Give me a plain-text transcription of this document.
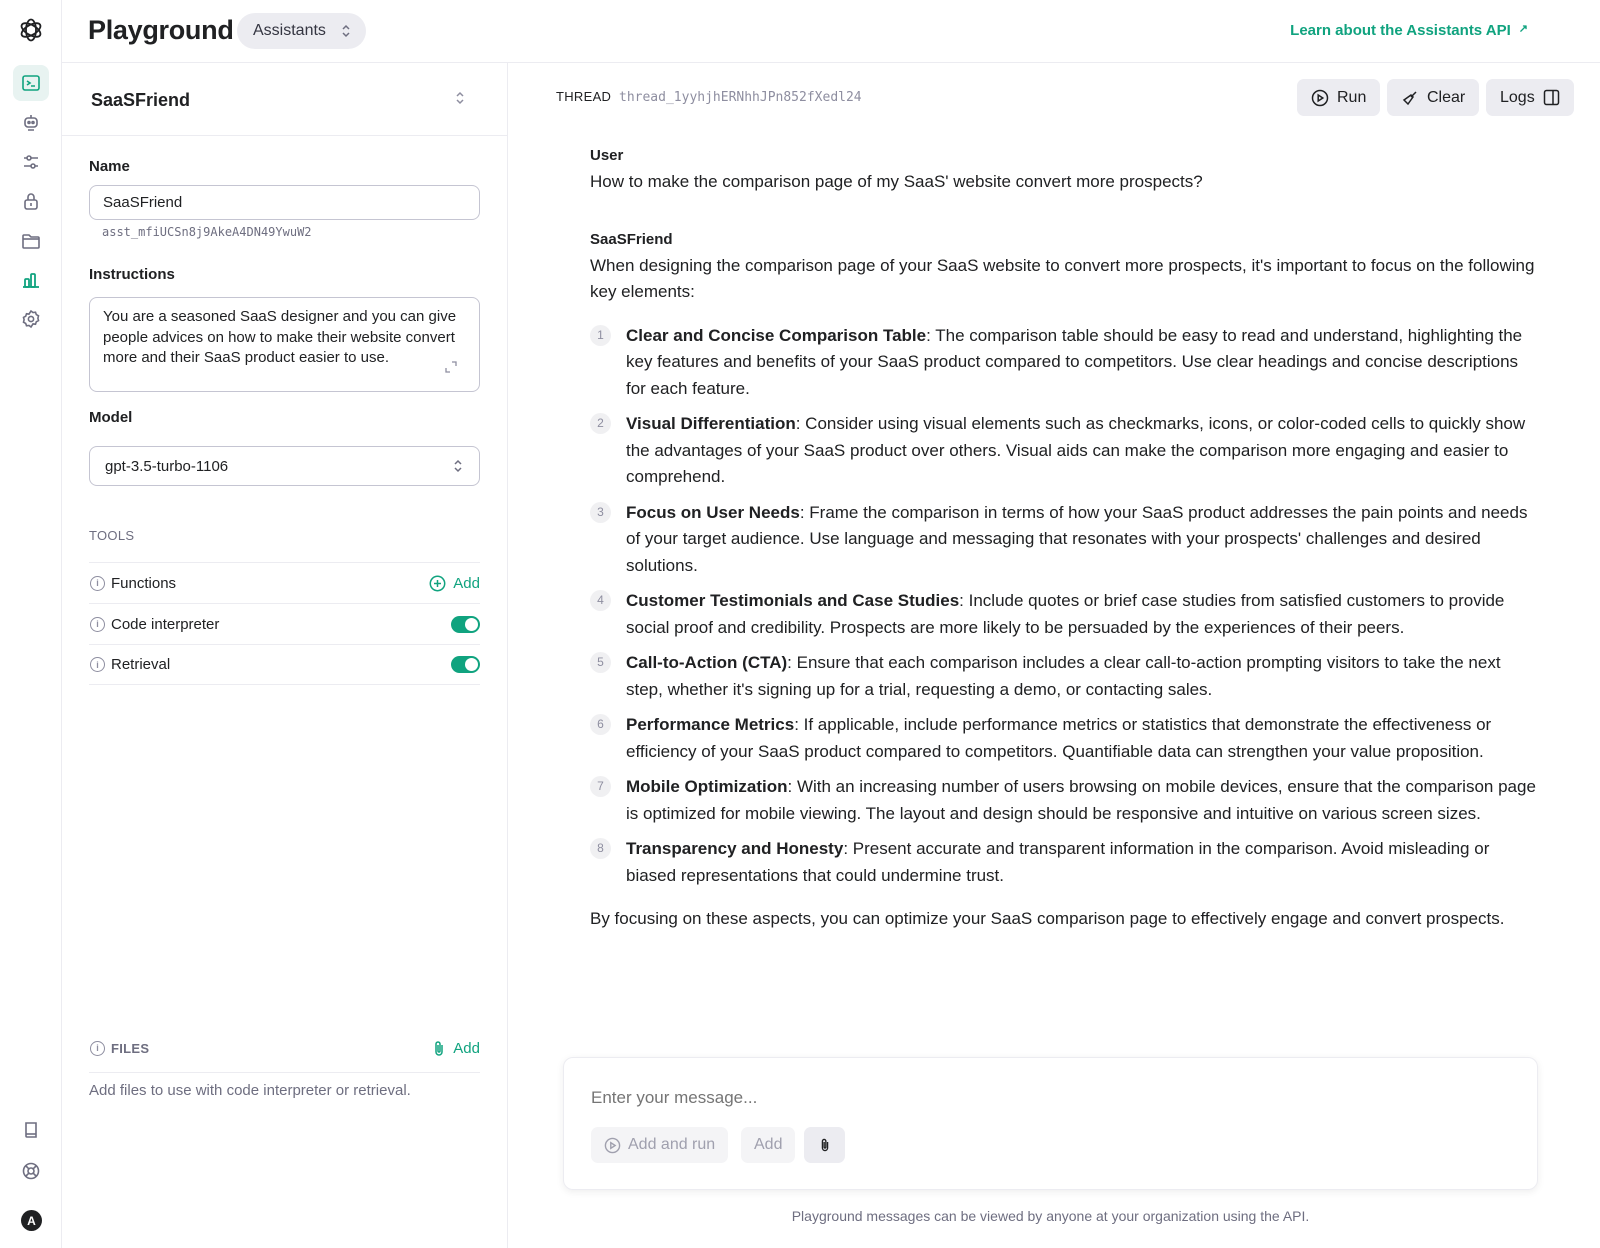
A
Playground Assistants	Learn about the Assistants API ↗
SaaSFriend
Name
SaaSFriend
asst_mfiUCSn8j9AkeA4DN49YwuW2
Instructions
You are a seasoned SaaS designer and you can give people advices on how to make their website convert more and their SaaS product easier to use.
Model
gpt-3.5-turbo-1106
TOOLS
i Functions	Add
i Code interpreter
i Retrieval
i FILES	Add
Add files to use with code interpreter or retrieval.
THREAD thread_1yyhjhERNhhJPn852fXedl24	Run	Clear Logs
User
How to make the comparison page of my SaaS' website convert more prospects?
SaaSFriend
When designing the comparison page of your SaaS website to convert more prospects, it's important to focus on the following key elements:
1	Clear and Concise Comparison Table: The comparison table should be easy to read and understand, highlighting the key features and benefits of your SaaS product compared to competitors. Use clear headings and concise descriptions for each feature.
2	Visual Differentiation: Consider using visual elements such as checkmarks, icons, or color-coded cells to quickly show the advantages of your SaaS product over others. Visual aids can make the comparison more engaging and easier to comprehend.
3	Focus on User Needs: Frame the comparison in terms of how your SaaS product addresses the pain points and needs of your target audience. Use language and messaging that resonates with your prospects' challenges and desired solutions.
4	Customer Testimonials and Case Studies: Include quotes or brief case studies from satisfied customers to provide social proof and credibility. Prospects are more likely to be persuaded by the experiences of their peers.
5	Call-to-Action (CTA): Ensure that each comparison includes a clear call-to-action prompting visitors to take the next step, whether it's signing up for a trial, requesting a demo, or contacting sales.
6	Performance Metrics: If applicable, include performance metrics or statistics that demonstrate the effectiveness or efficiency of your SaaS product compared to competitors. Quantifiable data can strengthen your value proposition.
7	Mobile Optimization: With an increasing number of users browsing on mobile devices, ensure that the comparison page is optimized for mobile viewing. The layout and design should be responsive and intuitive on various screen sizes.
8	Transparency and Honesty: Present accurate and transparent information in the comparison. Avoid misleading or biased representations that could undermine trust.
By focusing on these aspects, you can optimize your SaaS comparison page to effectively engage and convert prospects.
Enter your message...
Add and run Add
Playground messages can be viewed by anyone at your organization using the API.
